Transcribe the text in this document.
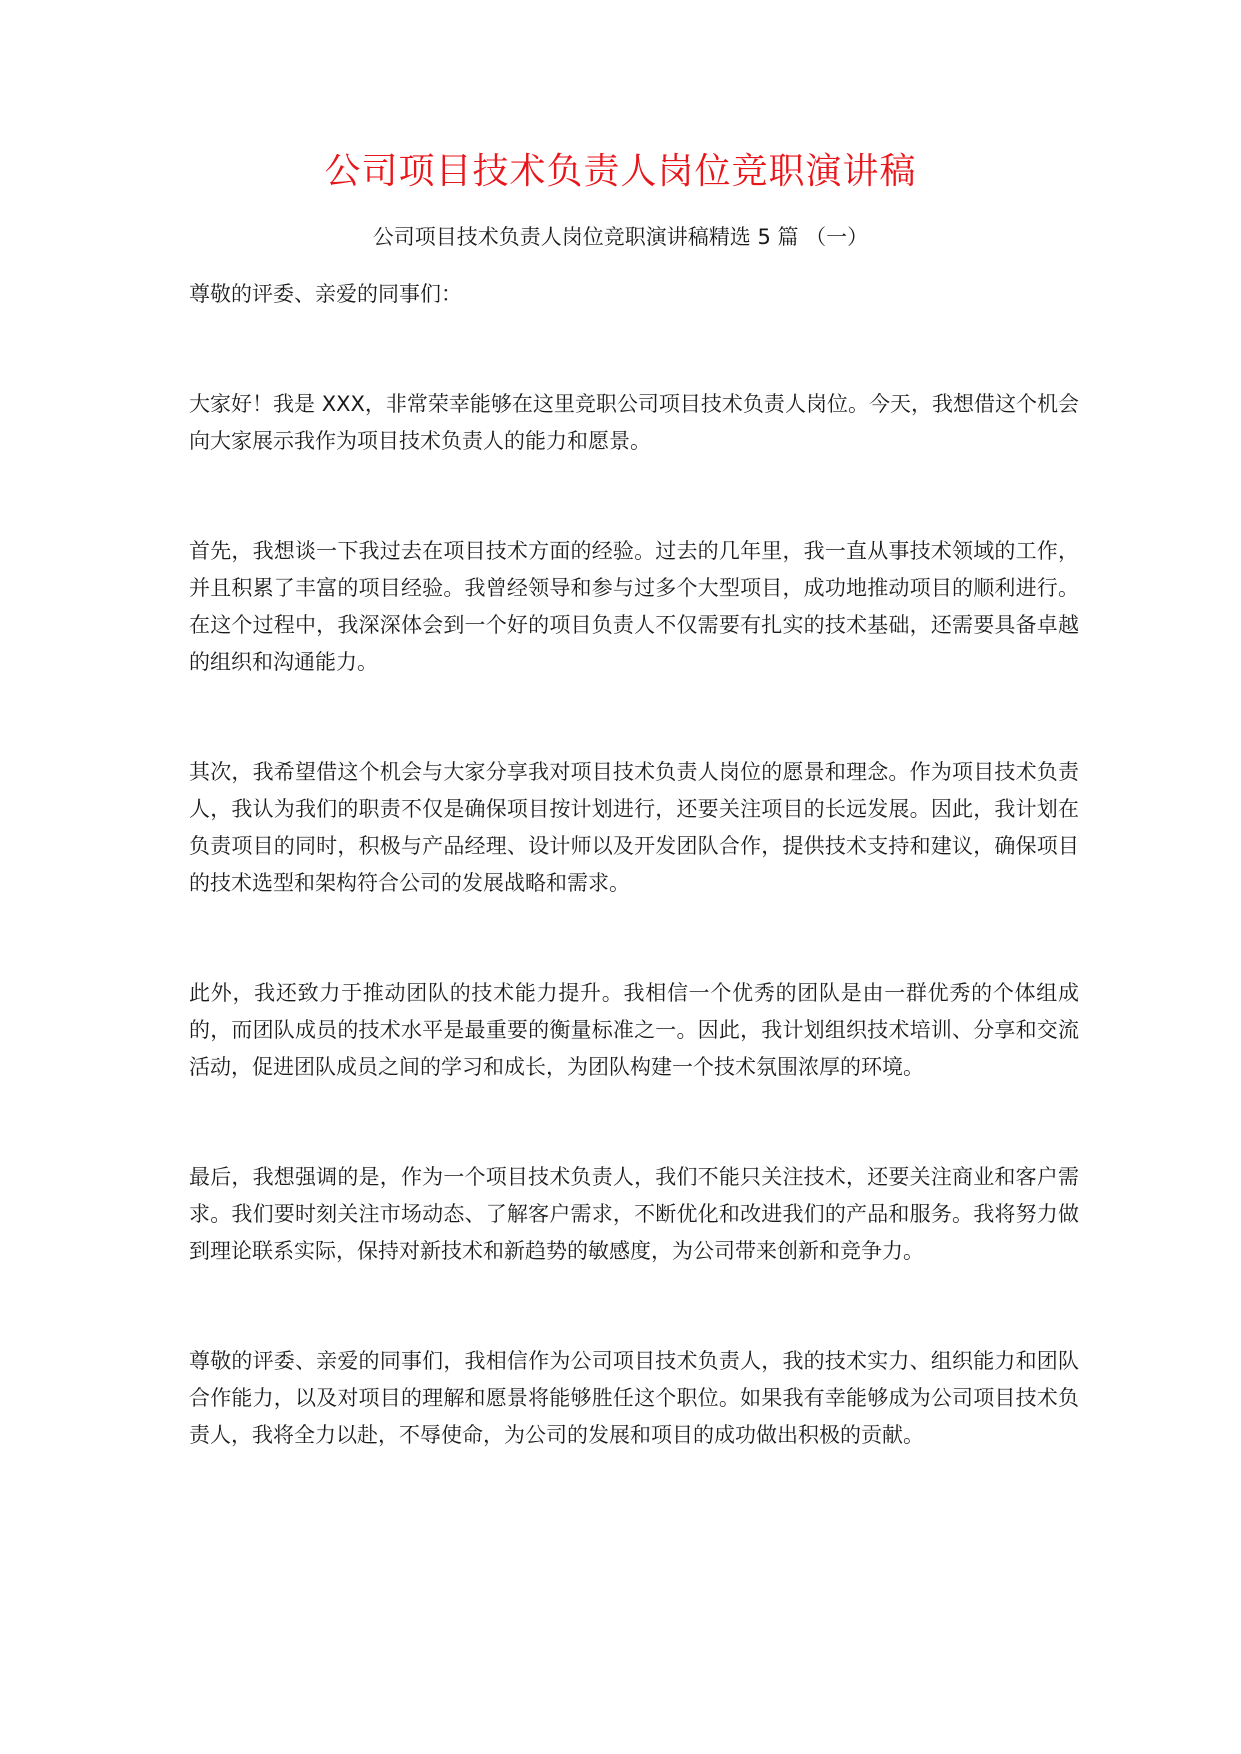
公司项目技术负责人岗位竞职演讲稿

公司项目技术负责人岗位竞职演讲稿精选 5 篇 （一）

尊敬的评委、亲爱的同事们：

大家好！我是 XXX，非常荣幸能够在这里竞职公司项目技术负责人岗位。今天，我想借这个机会向大家展示我作为项目技术负责人的能力和愿景。

首先，我想谈一下我过去在项目技术方面的经验。过去的几年里，我一直从事技术领域的工作，并且积累了丰富的项目经验。我曾经领导和参与过多个大型项目，成功地推动项目的顺利进行。在这个过程中，我深深体会到一个好的项目负责人不仅需要有扎实的技术基础，还需要具备卓越的组织和沟通能力。

其次，我希望借这个机会与大家分享我对项目技术负责人岗位的愿景和理念。作为项目技术负责人，我认为我们的职责不仅是确保项目按计划进行，还要关注项目的长远发展。因此，我计划在负责项目的同时，积极与产品经理、设计师以及开发团队合作，提供技术支持和建议，确保项目的技术选型和架构符合公司的发展战略和需求。

此外，我还致力于推动团队的技术能力提升。我相信一个优秀的团队是由一群优秀的个体组成的，而团队成员的技术水平是最重要的衡量标准之一。因此，我计划组织技术培训、分享和交流活动，促进团队成员之间的学习和成长，为团队构建一个技术氛围浓厚的环境。

最后，我想强调的是，作为一个项目技术负责人，我们不能只关注技术，还要关注商业和客户需求。我们要时刻关注市场动态、了解客户需求，不断优化和改进我们的产品和服务。我将努力做到理论联系实际，保持对新技术和新趋势的敏感度，为公司带来创新和竞争力。

尊敬的评委、亲爱的同事们，我相信作为公司项目技术负责人，我的技术实力、组织能力和团队合作能力，以及对项目的理解和愿景将能够胜任这个职位。如果我有幸能够成为公司项目技术负责人，我将全力以赴，不辱使命，为公司的发展和项目的成功做出积极的贡献。
